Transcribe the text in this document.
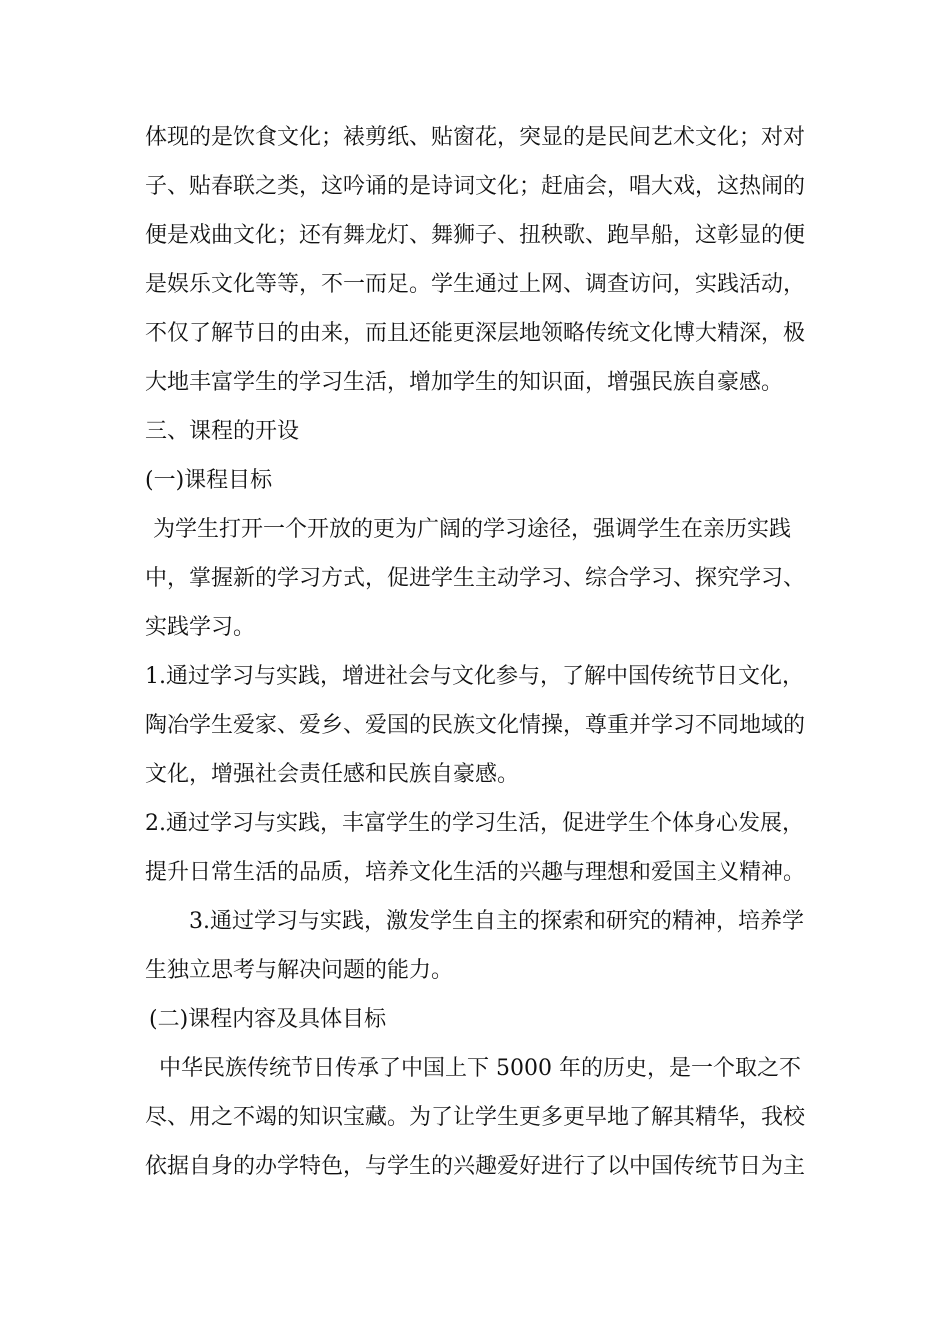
体现的是饮食文化；裱剪纸、贴窗花，突显的是民间艺术文化；对对
子、贴春联之类，这吟诵的是诗词文化；赶庙会，唱大戏，这热闹的
便是戏曲文化；还有舞龙灯、舞狮子、扭秧歌、跑旱船，这彰显的便
是娱乐文化等等，不一而足。学生通过上网、调查访问，实践活动，
不仅了解节日的由来，而且还能更深层地领略传统文化博大精深，极
大地丰富学生的学习生活，增加学生的知识面，增强民族自豪感。
三、课程的开设
(一)课程目标
为学生打开一个开放的更为广阔的学习途径，强调学生在亲历实践
中，掌握新的学习方式，促进学生主动学习、综合学习、探究学习、
实践学习。
1.通过学习与实践，增进社会与文化参与，了解中国传统节日文化，
陶冶学生爱家、爱乡、爱国的民族文化情操，尊重并学习不同地域的
文化，增强社会责任感和民族自豪感。
2.通过学习与实践，丰富学生的学习生活，促进学生个体身心发展，
提升日常生活的品质，培养文化生活的兴趣与理想和爱国主义精神。
3.通过学习与实践，激发学生自主的探索和研究的精神，培养学
生独立思考与解决问题的能力。
(二)课程内容及具体目标
中华民族传统节日传承了中国上下 5000 年的历史，是一个取之不
尽、用之不竭的知识宝藏。为了让学生更多更早地了解其精华，我校
依据自身的办学特色，与学生的兴趣爱好进行了以中国传统节日为主
